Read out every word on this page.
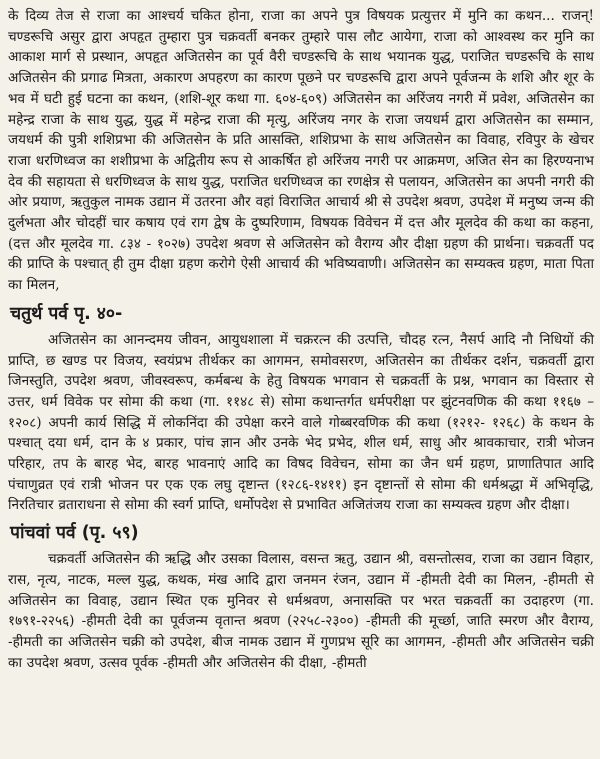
के दिव्य तेज से राजा का आश्चर्य चकित होना, राजा का अपने पुत्र विषयक प्रत्युत्तर में मुनि का कथन... राजन्! चण्डरूचि असुर द्वारा अपहृत तुम्हारा पुत्र चक्रवर्ती बनकर तुम्हारे पास लौट आयेगा, राजा को आश्वस्थ कर मुनि का आकाश मार्ग से प्रस्थान, अपहृत अजितसेन का पूर्व वैरी चण्डरूचि के साथ भयानक युद्ध, पराजित चण्डरूचि के साथ अजितसेन की प्रगाढ मित्रता, अकारण अपहरण का कारण पूछने पर चण्डरूचि द्वारा अपने पूर्वजन्म के शशि और शूर के भव में घटी हुई घटना का कथन, (शशि-शूर कथा गा. ६०४-६०९) अजितसेन का अरिंजय नगरी में प्रवेश, अजितसेन का महेन्द्र राजा के साथ युद्ध, युद्ध में महेन्द्र राजा की मृत्यु, अरिंजय नगर के राजा जयधर्म द्वारा अजितसेन का सम्मान, जयधर्म की पुत्री शशिप्रभा की अजितसेन के प्रति आसक्ति, शशिप्रभा के साथ अजितसेन का विवाह, रविपुर के खेचर राजा धरणिध्वज का शशीप्रभा के अद्वितीय रूप से आकर्षित हो अरिंजय नगरी पर आक्रमण, अजित सेन का हिरण्यनाभ देव की सहायता से धरणिध्वज के साथ युद्ध, पराजित धरणिध्वज का रणक्षेत्र से पलायन, अजितसेन का अपनी नगरी की ओर प्रयाण, ऋतुकुल नामक उद्यान में उतरना और वहां विराजित आचार्य श्री से उपदेश श्रवण, उपदेश में मनुष्य जन्म की दुर्लभता और चोदहीं चार कषाय एवं राग द्वेष के दुष्परिणाम, विषयक विवेचन में दत्त और मूलदेव की कथा का कहना, (दत्त और मूलदेव गा. ८३४ - १०२७) उपदेश श्रवण से अजितसेन को वैराग्य और दीक्षा ग्रहण की प्रार्थना। चक्रवर्ती पद की प्राप्ति के पश्चात् ही तुम दीक्षा ग्रहण करोगे ऐसी आचार्य की भविष्यवाणी। अजितसेन का सम्यक्त्व ग्रहण, माता पिता का मिलन,

चतुर्थ पर्व पृ. ४०-

अजितसेन का आनन्दमय जीवन, आयुधशाला में चक्ररत्न की उत्पत्ति, चौदह रत्न, नैसर्प आदि नौ निधियों की प्राप्ति, छ खण्ड पर विजय, स्वयंप्रभ तीर्थकर का आगमन, समोवसरण, अजितसेन का तीर्थकर दर्शन, चक्रवर्ती द्वारा जिनस्तुति, उपदेश श्रवण, जीवस्वरूप, कर्मबन्ध के हेतु विषयक भगवान से चक्रवर्ती के प्रश्न, भगवान का विस्तार से उत्तर, धर्म विवेक पर सोमा की कथा (गा. ११४८ से) सोमा कथान्तर्गत धर्मपरीक्षा पर झुंटनवणिक की कथा ११६७ – १२०८) अपनी कार्य सिद्धि में लोकनिंदा की उपेक्षा करने वाले गोब्बरवणिक की कथा (१२१२- १२६८) के कथन के पश्चात् दया धर्म, दान के ४ प्रकार, पांच ज्ञान और उनके भेद प्रभेद, शील धर्म, साधु और श्रावकाचार, रात्री भोजन परिहार, तप के बारह भेद, बारह भावनाएं आदि का विषद विवेचन, सोमा का जैन धर्म ग्रहण, प्राणातिपात आदि पंचाणुव्रत एवं रात्री भोजन पर एक एक लघु दृष्टान्त (१२८६-१४११) इन दृष्टान्तों से सोमा की धर्मश्रद्धा में अभिवृद्धि, निरतिचार व्रताराधना से सोमा की स्वर्ग प्राप्ति, धर्मोपदेश से प्रभावित अजितंजय राजा का सम्यक्त्व ग्रहण और दीक्षा।

पांचवां पर्व (पृ. ५९)

चक्रवर्ती अजितसेन की ऋद्धि और उसका विलास, वसन्त ऋतु, उद्यान श्री, वसन्तोत्सव, राजा का उद्यान विहार, रास, नृत्य, नाटक, मल्ल युद्ध, कथक, मंख आदि द्वारा जनमन रंजन, उद्यान में -हीमती देवी का मिलन, -हीमती से अजितसेन का विवाह, उद्यान स्थित एक मुनिवर से धर्मश्रवण, अनासक्ति पर भरत चक्रवर्ती का उदाहरण (गा. १७९१-२२५६) -हीमती देवी का पूर्वजन्म वृतान्त श्रवण (२२५८-२३००) -हीमती की मूर्च्छा, जाति स्मरण और वैराग्य, -हीमती का अजितसेन चक्री को उपदेश, बीज नामक उद्यान में गुणप्रभ सूरि का आगमन, -हीमती और अजितसेन चक्री का उपदेश श्रवण, उत्सव पूर्वक -हीमती और अजितसेन की दीक्षा, -हीमती
